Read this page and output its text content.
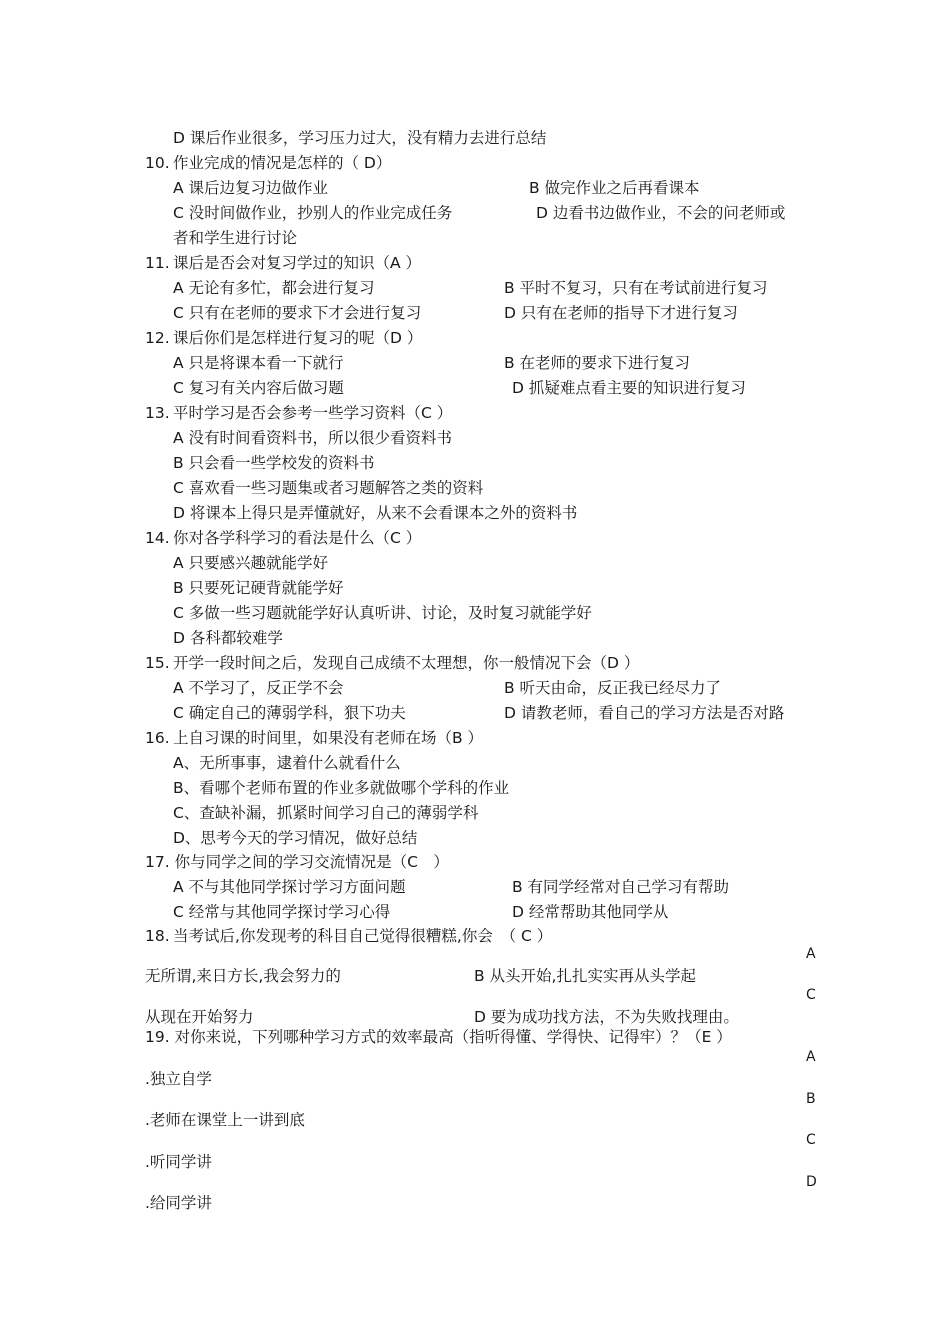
D 课后作业很多，学习压力过大，没有精力去进行总结
10. 作业完成的情况是怎样的（ D）
A 课后边复习边做作业	B 做完作业之后再看课本
C 没时间做作业，抄别人的作业完成任务	D 边看书边做作业，不会的问老师或
者和学生进行讨论
11. 课后是否会对复习学过的知识（A ）
A 无论有多忙，都会进行复习	B 平时不复习，只有在考试前进行复习
C 只有在老师的要求下才会进行复习	D 只有在老师的指导下才进行复习
12. 课后你们是怎样进行复习的呢（D ）
A 只是将课本看一下就行	B 在老师的要求下进行复习
C 复习有关内容后做习题	D 抓疑难点看主要的知识进行复习
13. 平时学习是否会参考一些学习资料（C ）
A 没有时间看资料书，所以很少看资料书
B 只会看一些学校发的资料书
C 喜欢看一些习题集或者习题解答之类的资料
D 将课本上得只是弄懂就好，从来不会看课本之外的资料书
14. 你对各学科学习的看法是什么（C ）
A 只要感兴趣就能学好
B 只要死记硬背就能学好
C 多做一些习题就能学好认真听讲、讨论，及时复习就能学好
D 各科都较难学
15. 开学一段时间之后，发现自己成绩不太理想，你一般情况下会（D ）
A 不学习了，反正学不会	B 听天由命，反正我已经尽力了
C 确定自己的薄弱学科，狠下功夫	D 请教老师，看自己的学习方法是否对路
16. 上自习课的时间里，如果没有老师在场（B ）
A、无所事事，逮着什么就看什么
B、看哪个老师布置的作业多就做哪个学科的作业
C、查缺补漏，抓紧时间学习自己的薄弱学科
D、思考今天的学习情况，做好总结
17. 你与同学之间的学习交流情况是（C　）
A 不与其他同学探讨学习方面问题	B 有同学经常对自己学习有帮助
C 经常与其他同学探讨学习心得	D 经常帮助其他同学从
18. 当考试后,你发现考的科目自己觉得很糟糕,你会　（ C ）
A
无所谓,来日方长,我会努力的	B 从头开始,扎扎实实再从头学起
C
从现在开始努力	D 要为成功找方法，不为失败找理由。
19. 对你来说，下列哪种学习方式的效率最高（指听得懂、学得快、记得牢）？（E ）
A
.独立自学
B
.老师在课堂上一讲到底
C
.听同学讲
D
.给同学讲
